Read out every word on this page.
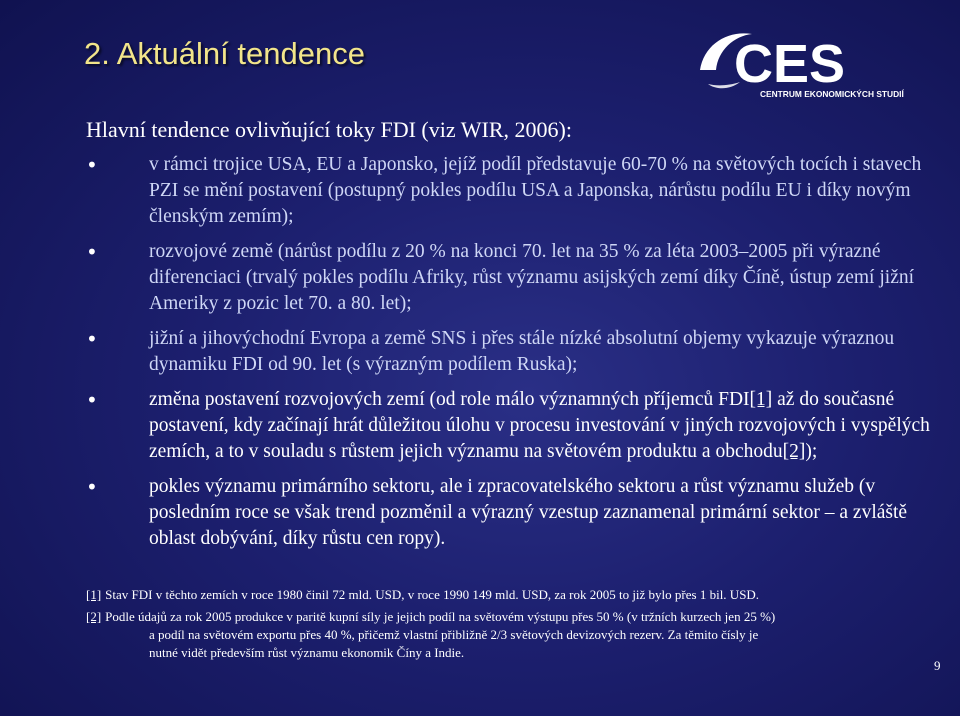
2. Aktuální tendence	CES
CENTRUM EKONOMICKÝCH STUDIÍ

Hlavní tendence ovlivňující toky FDI (viz WIR, 2006):

•	v rámci trojice USA, EU a Japonsko, jejíž podíl představuje 60-70 % na světových tocích i stavech PZI se mění postavení (postupný pokles podílu USA a Japonska, nárůstu podílu EU i díky novým členským zemím);
•	rozvojové země (nárůst podílu z 20 % na konci 70. let na 35 % za léta 2003–2005 při výrazné diferenciaci (trvalý pokles podílu Afriky, růst významu asijských zemí díky Číně, ústup zemí jižní Ameriky z pozic let 70. a 80. let);
•	jižní a jihovýchodní Evropa a země SNS i přes stále nízké absolutní objemy vykazuje výraznou dynamiku FDI od 90. let (s výrazným podílem Ruska);
•	změna postavení rozvojových zemí (od role málo významných příjemců FDI[1] až do současné postavení, kdy začínají hrát důležitou úlohu v procesu investování v jiných rozvojových i vyspělých zemích, a to v souladu s růstem jejich významu na světovém produktu a obchodu[2]);
•	pokles významu primárního sektoru, ale i zpracovatelského sektoru a růst významu služeb (v posledním roce se však trend pozměnil a výrazný vzestup zaznamenal primární sektor – a zvláště oblast dobývání, díky růstu cen ropy).

[1] Stav FDI v těchto zemích v roce 1980 činil 72 mld. USD, v roce 1990 149 mld. USD, za rok 2005 to již bylo přes 1 bil. USD.

[2] Podle údajů za rok 2005 produkce v paritě kupní síly je jejich podíl na světovém výstupu přes 50 % (v tržních kurzech jen 25 %)
a podíl na světovém exportu přes 40 %, přičemž vlastní přibližně 2/3 světových devizových rezerv. Za těmito čísly je
nutné vidět především růst významu ekonomik Číny a Indie.
9
